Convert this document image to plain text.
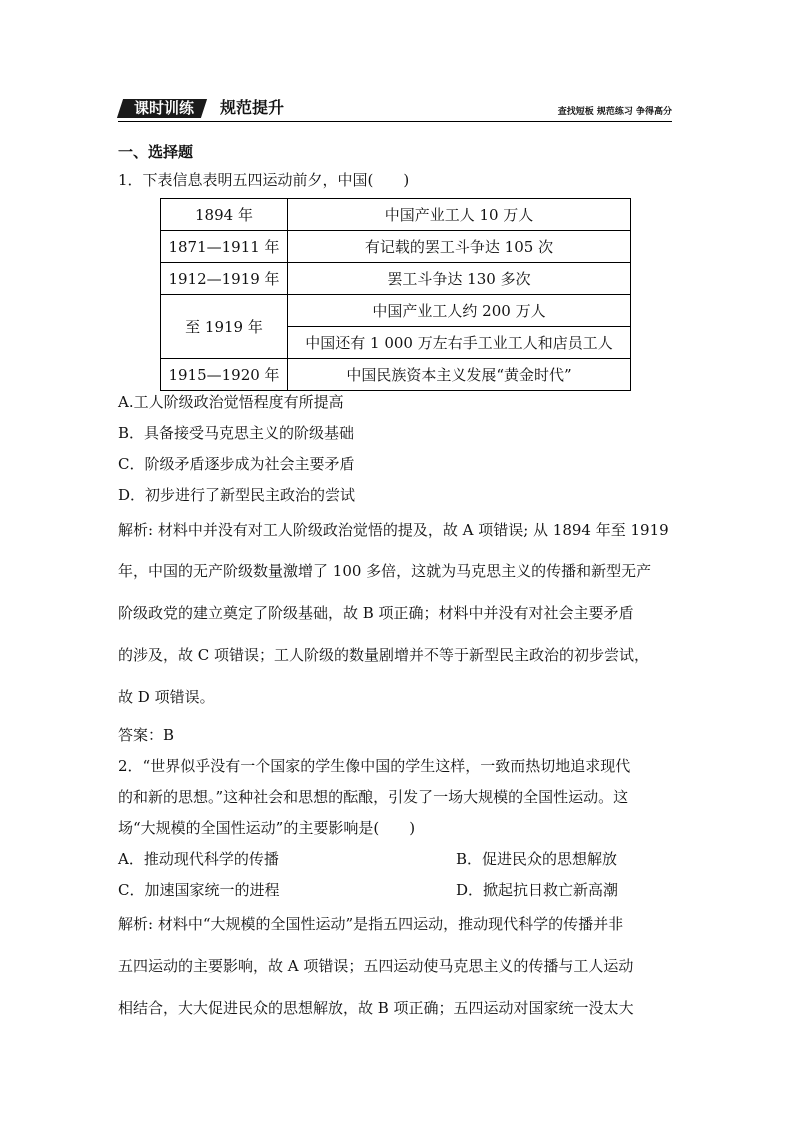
课时训练	规范提升	查找短板 规范练习 争得高分
一、选择题
1．下表信息表明五四运动前夕，中国(　　)
1894 年	中国产业工人 10 万人
1871—1911 年	有记载的罢工斗争达 105 次
1912—1919 年	罢工斗争达 130 多次
至 1919 年	中国产业工人约 200 万人
	中国还有 1 000 万左右手工业工人和店员工人
1915—1920 年	中国民族资本主义发展“黄金时代”
A.工人阶级政治觉悟程度有所提高
B．具备接受马克思主义的阶级基础
C．阶级矛盾逐步成为社会主要矛盾
D．初步进行了新型民主政治的尝试
解析: 材料中并没有对工人阶级政治觉悟的提及，故 A 项错误; 从 1894 年至 1919
年，中国的无产阶级数量激增了 100 多倍，这就为马克思主义的传播和新型无产
阶级政党的建立奠定了阶级基础，故 B 项正确；材料中并没有对社会主要矛盾
的涉及，故 C 项错误；工人阶级的数量剧增并不等于新型民主政治的初步尝试，
故 D 项错误。
答案：B
2．“世界似乎没有一个国家的学生像中国的学生这样，一致而热切地追求现代
的和新的思想。”这种社会和思想的酝酿，引发了一场大规模的全国性运动。这
场“大规模的全国性运动”的主要影响是(　　)
A．推动现代科学的传播	B．促进民众的思想解放
C．加速国家统一的进程	D．掀起抗日救亡新高潮
解析: 材料中“大规模的全国性运动”是指五四运动，推动现代科学的传播并非
五四运动的主要影响，故 A 项错误；五四运动使马克思主义的传播与工人运动
相结合，大大促进民众的思想解放，故 B 项正确；五四运动对国家统一没太大
